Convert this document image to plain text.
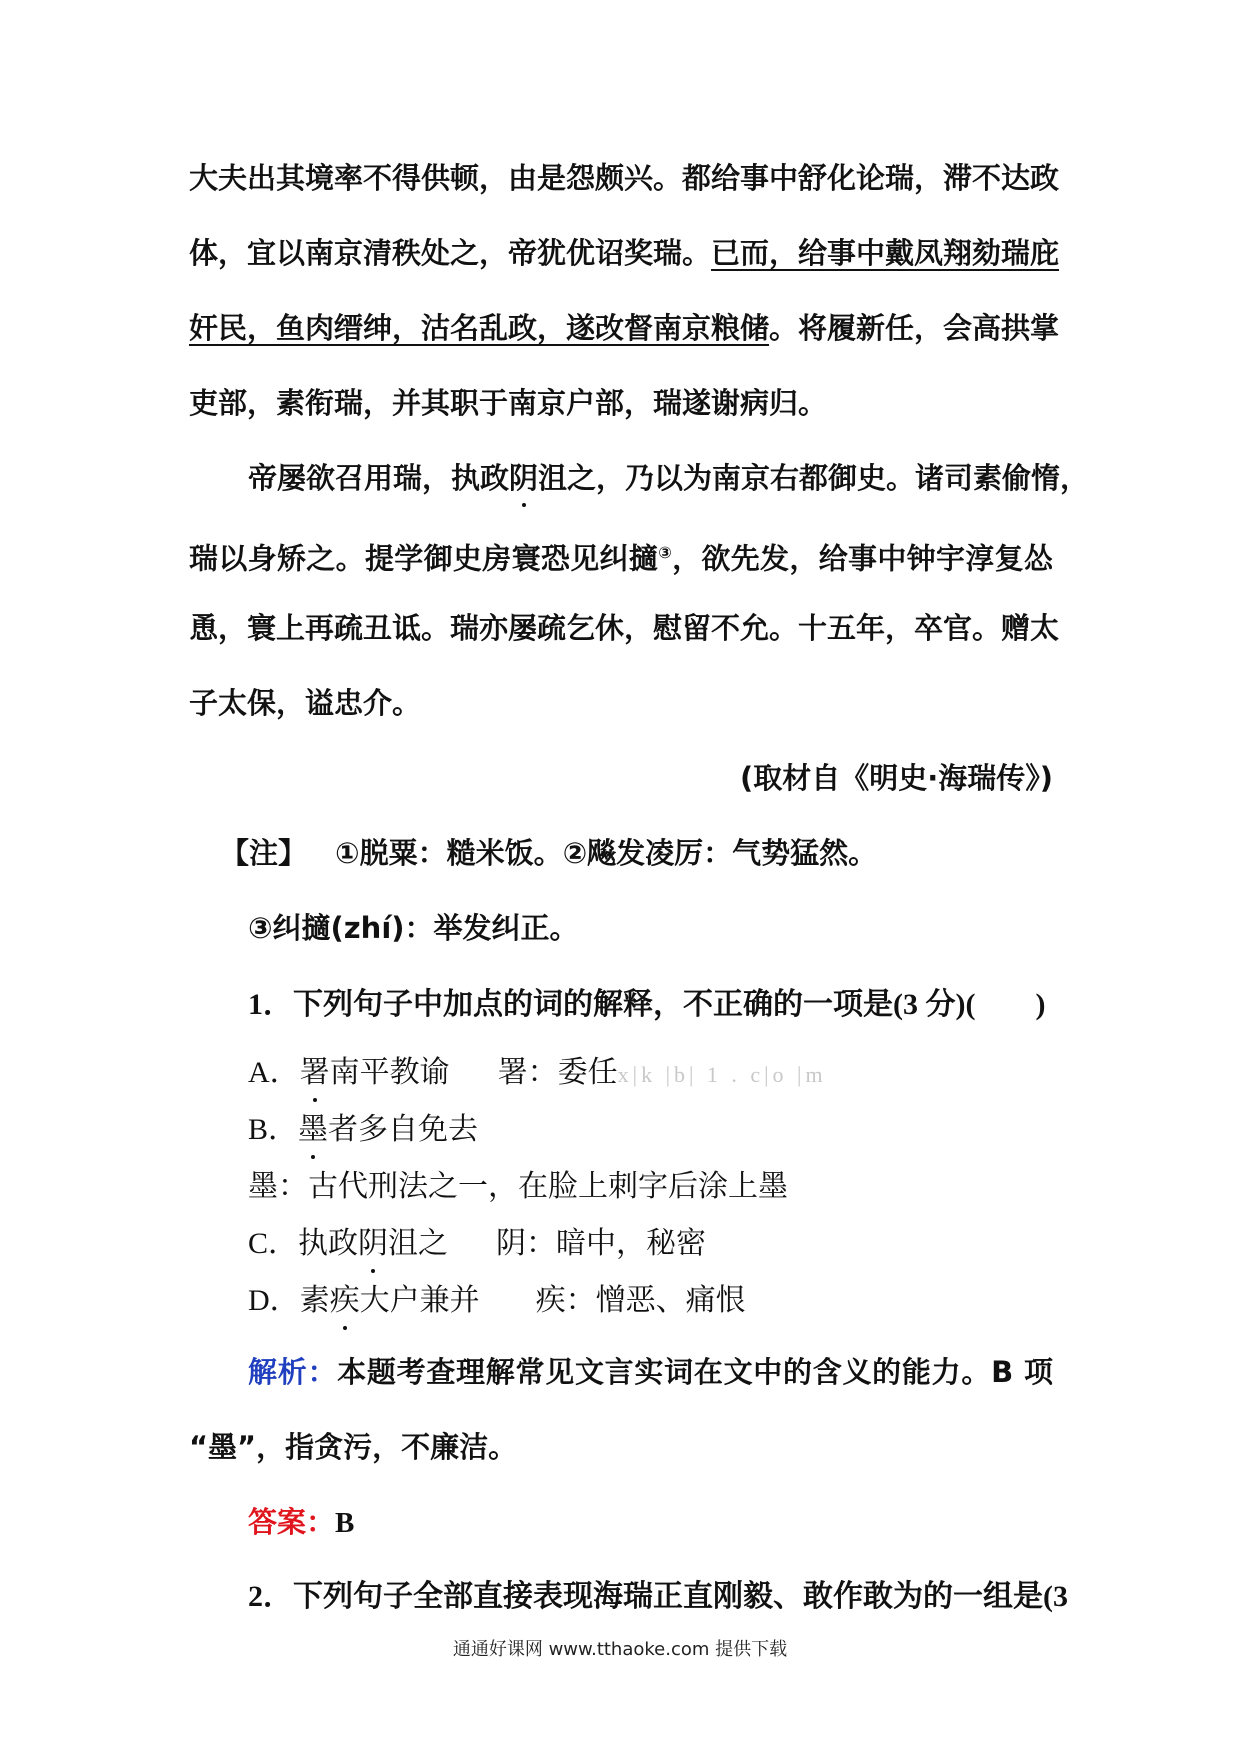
大夫出其境率不得供顿，由是怨颇兴。都给事中舒化论瑞，滞不达政
体，宜以南京清秩处之，帝犹优诏奖瑞。已而，给事中戴凤翔劾瑞庇
奸民，鱼肉缙绅，沽名乱政，遂改督南京粮储。将履新任，会高拱掌
吏部，素衔瑞，并其职于南京户部，瑞遂谢病归。
帝屡欲召用瑞，执政阴沮之，乃以为南京右都御史。诸司素偷惰，
瑞以身矫之。提学御史房寰恐见纠擿③，欲先发，给事中钟宇淳复怂
恿，寰上再疏丑诋。瑞亦屡疏乞休，慰留不允。十五年，卒官。赠太
子太保，谥忠介。
(取材自《明史·海瑞传》)
【注】 ①脱粟：糙米饭。②飚发凌厉：气势猛然。
③纠擿(zhí)：举发纠正。
1．下列句子中加点的词的解释，不正确的一项是(3 分)(　　)
A．署南平教谕 署：委任x|k |b| 1 . c|o |m
B．墨者多自免去
墨：古代刑法之一，在脸上刺字后涂上墨
C．执政阴沮之 阴：暗中，秘密
D．素疾大户兼并 疾：憎恶、痛恨
解析：本题考查理解常见文言实词在文中的含义的能力。B 项
“墨”，指贪污，不廉洁。
答案：B
2．下列句子全部直接表现海瑞正直刚毅、敢作敢为的一组是(3
通通好课网 www.tthaoke.com 提供下载
